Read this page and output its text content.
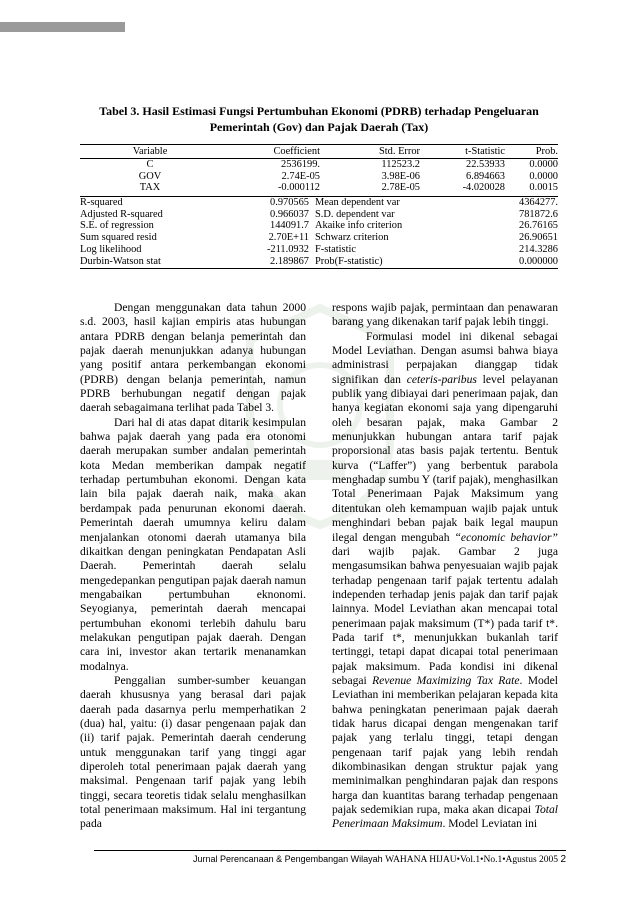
Tabel 3. Hasil Estimasi Fungsi Pertumbuhan Ekonomi (PDRB) terhadap Pengeluaran
Pemerintah (Gov) dan Pajak Daerah (Tax)
Variable	Coefficient	Std. Error	t-Statistic	Prob.
C	2536199.	112523.2	22.53933	0.0000
GOV	2.74E-05	3.98E-06	6.894663	0.0000
TAX	-0.000112	2.78E-05	-4.020028	0.0015
R-squared	0.970565 Mean dependent var	4364277.
Adjusted R-squared	0.966037 S.D. dependent var	781872.6
S.E. of regression	144091.7 Akaike info criterion	26.76165
Sum squared resid	2.70E+11 Schwarz criterion	26.90651
Log likelihood	-211.0932 F-statistic	214.3286
Durbin-Watson stat	2.189867 Prob(F-statistic)	0.000000

Dengan menggunakan data tahun 2000 s.d. 2003, hasil kajian empiris atas hubungan antara PDRB dengan belanja pemerintah dan pajak daerah menunjukkan adanya hubungan yang positif antara perkembangan ekonomi (PDRB) dengan belanja pemerintah, namun PDRB berhubungan negatif dengan pajak daerah sebagaimana terlihat pada Tabel 3.

Dari hal di atas dapat ditarik kesimpulan bahwa pajak daerah yang pada era otonomi daerah merupakan sumber andalan pemerintah kota Medan memberikan dampak negatif terhadap pertumbuhan ekonomi. Dengan kata lain bila pajak daerah naik, maka akan berdampak pada penurunan ekonomi daerah. Pemerintah daerah umumnya keliru dalam menjalankan otonomi daerah utamanya bila dikaitkan dengan peningkatan Pendapatan Asli Daerah. Pemerintah daerah selalu mengedepankan pengutipan pajak daerah namun mengabaikan pertumbuhan eknonomi. Seyogianya, pemerintah daerah mencapai pertumbuhan ekonomi terlebih dahulu baru melakukan pengutipan pajak daerah. Dengan cara ini, investor akan tertarik menanamkan modalnya.

Penggalian sumber-sumber keuangan daerah khususnya yang berasal dari pajak daerah pada dasarnya perlu memperhatikan 2 (dua) hal, yaitu: (i) dasar pengenaan pajak dan (ii) tarif pajak. Pemerintah daerah cenderung untuk menggunakan tarif yang tinggi agar diperoleh total penerimaan pajak daerah yang maksimal. Pengenaan tarif pajak yang lebih tinggi, secara teoretis tidak selalu menghasilkan total penerimaan maksimum. Hal ini tergantung pada

respons wajib pajak, permintaan dan penawaran barang yang dikenakan tarif pajak lebih tinggi.

Formulasi model ini dikenal sebagai Model Leviathan. Dengan asumsi bahwa biaya administrasi perpajakan dianggap tidak signifikan dan ceteris-paribus level pelayanan publik yang dibiayai dari penerimaan pajak, dan hanya kegiatan ekonomi saja yang dipengaruhi oleh besaran pajak, maka Gambar 2 menunjukkan hubungan antara tarif pajak proporsional atas basis pajak tertentu. Bentuk kurva (“Laffer”) yang berbentuk parabola menghadap sumbu Y (tarif pajak), menghasilkan Total Penerimaan Pajak Maksimum yang ditentukan oleh kemampuan wajib pajak untuk menghindari beban pajak baik legal maupun ilegal dengan mengubah “economic behavior” dari wajib pajak. Gambar 2 juga mengasumsikan bahwa penyesuaian wajib pajak terhadap pengenaan tarif pajak tertentu adalah independen terhadap jenis pajak dan tarif pajak lainnya. Model Leviathan akan mencapai total penerimaan pajak maksimum (T*) pada tarif t*. Pada tarif t*, menunjukkan bukanlah tarif tertinggi, tetapi dapat dicapai total penerimaan pajak maksimum. Pada kondisi ini dikenal sebagai Revenue Maximizing Tax Rate. Model Leviathan ini memberikan pelajaran kepada kita bahwa peningkatan penerimaan pajak daerah tidak harus dicapai dengan mengenakan tarif pajak yang terlalu tinggi, tetapi dengan pengenaan tarif pajak yang lebih rendah dikombinasikan dengan struktur pajak yang meminimalkan penghindaran pajak dan respons harga dan kuantitas barang terhadap pengenaan pajak sedemikian rupa, maka akan dicapai Total Penerimaan Maksimum. Model Leviatan ini

Jurnal Perencanaan & Pengembangan Wilayah WAHANA HIJAU•Vol.1•No.1•Agustus 2005 2
